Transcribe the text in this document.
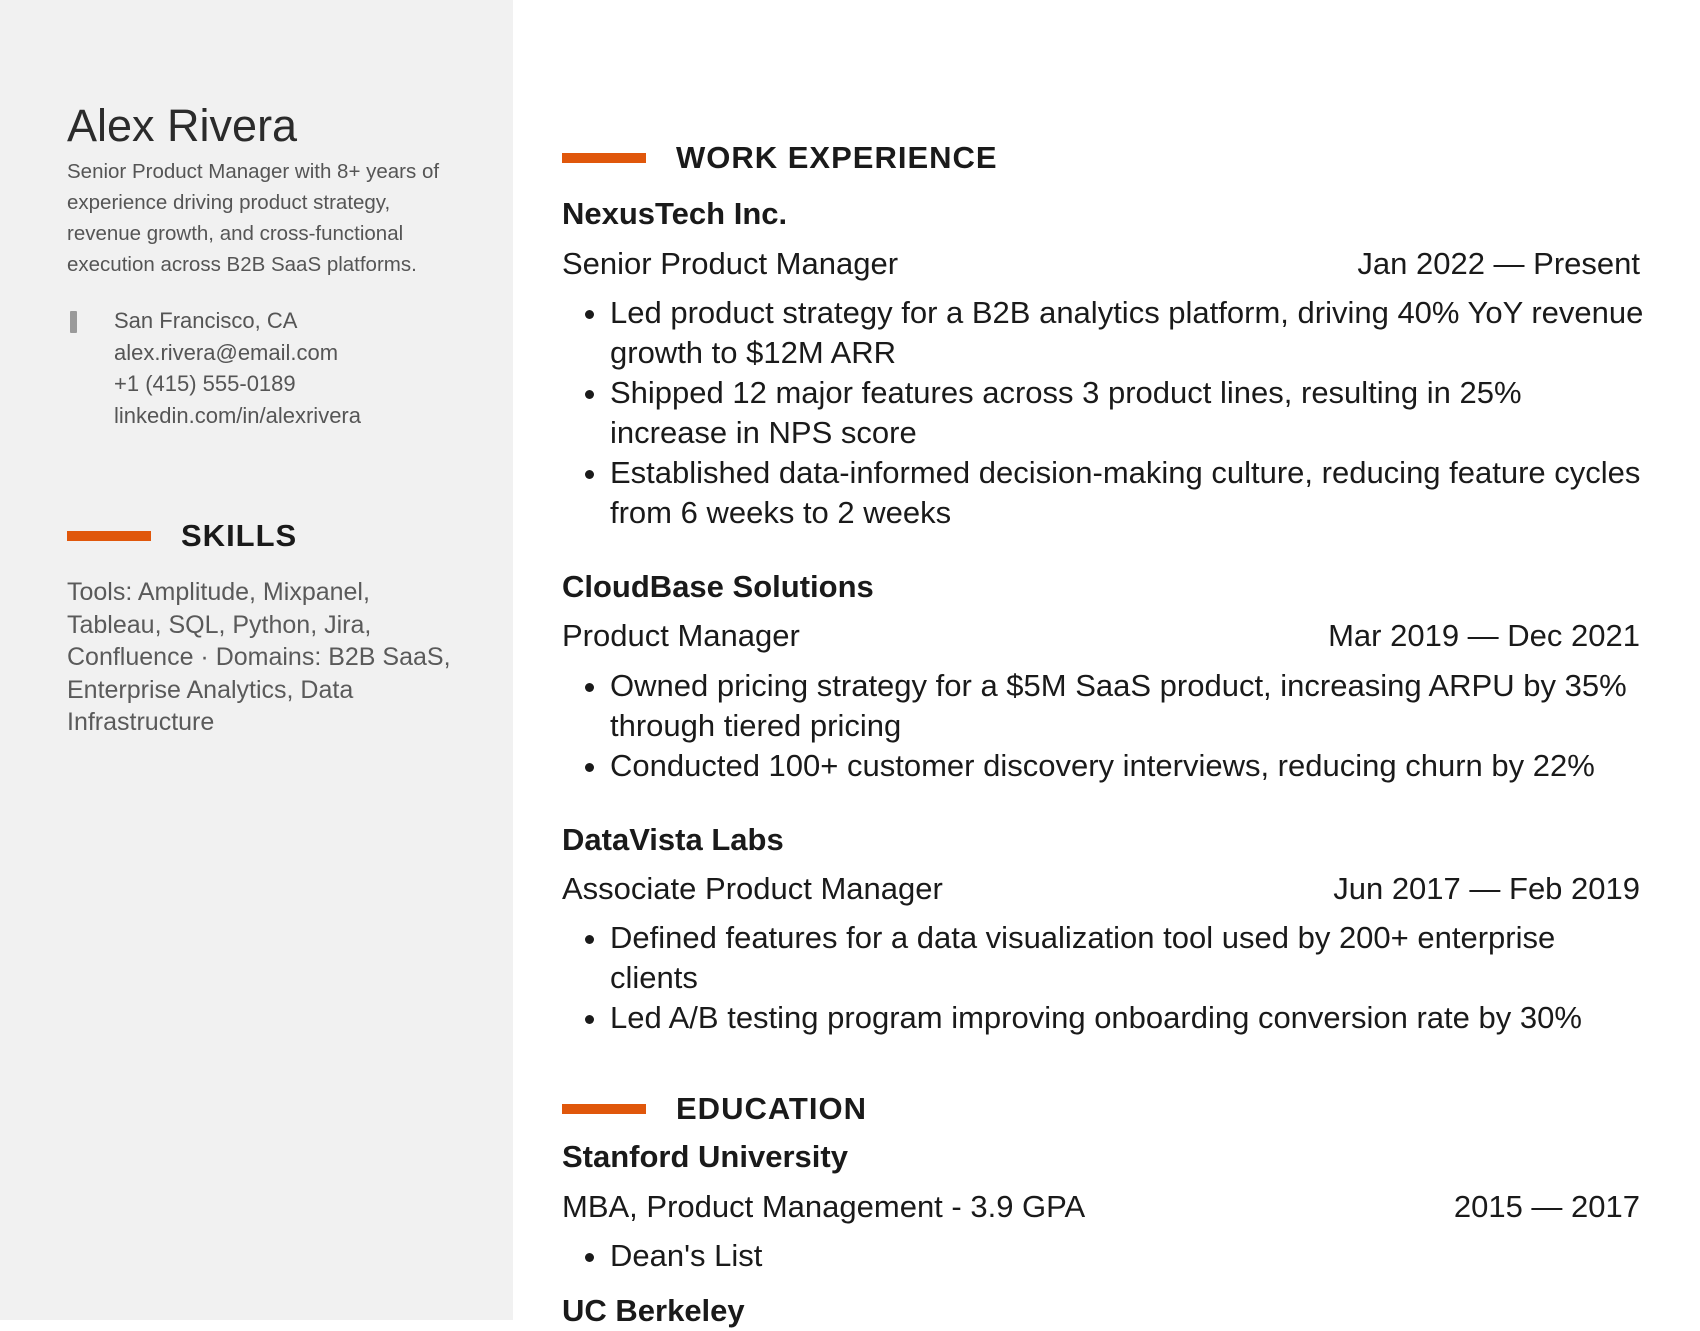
Alex Rivera

Senior Product Manager with 8+ years of experience driving product strategy, revenue growth, and cross-functional execution across B2B SaaS platforms.

San Francisco, CA
alex.rivera@email.com
+1 (415) 555-0189
linkedin.com/in/alexrivera
SKILLS

Tools: Amplitude, Mixpanel, Tableau, SQL, Python, Jira, Confluence · Domains: B2B SaaS, Enterprise Analytics, Data Infrastructure

WORK EXPERIENCE
NexusTech Inc.
Senior Product Manager	Jan 2022 — Present
• Led product strategy for a B2B analytics platform, driving 40% YoY revenue growth to $12M ARR
• Shipped 12 major features across 3 product lines, resulting in 25% increase in NPS score
• Established data-informed decision-making culture, reducing feature cycles from 6 weeks to 2 weeks
CloudBase Solutions
Product Manager	Mar 2019 — Dec 2021
• Owned pricing strategy for a $5M SaaS product, increasing ARPU by 35% through tiered pricing
• Conducted 100+ customer discovery interviews, reducing churn by 22%
DataVista Labs
Associate Product Manager	Jun 2017 — Feb 2019
• Defined features for a data visualization tool used by 200+ enterprise clients
• Led A/B testing program improving onboarding conversion rate by 30%
EDUCATION
Stanford University
MBA, Product Management - 3.9 GPA	2015 — 2017
• Dean's List
UC Berkeley
